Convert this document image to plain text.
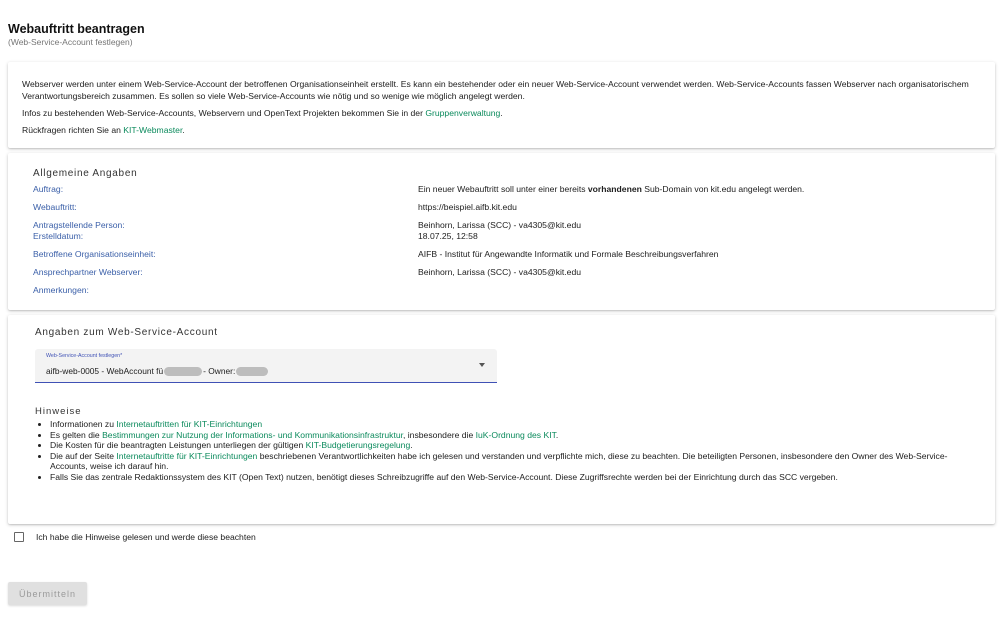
Webauftritt beantragen
(Web-Service-Account festlegen)

Webserver werden unter einem Web-Service-Account der betroffenen Organisationseinheit erstellt. Es kann ein bestehender oder ein neuer Web-Service-Account verwendet werden. Web-Service-Accounts fassen Webserver nach organisatorischem Verantwortungsbereich zusammen. Es sollen so viele Web-Service-Accounts wie nötig und so wenige wie möglich angelegt werden.

Infos zu bestehenden Web-Service-Accounts, Webservern und OpenText Projekten bekommen Sie in der Gruppenverwaltung.

Rückfragen richten Sie an KIT-Webmaster.

Allgemeine Angaben
Auftrag:	Ein neuer Webauftritt soll unter einer bereits vorhandenen Sub-Domain von kit.edu angelegt werden.
Webauftritt:	https://beispiel.aifb.kit.edu
Antragstellende Person:	Beinhorn, Larissa (SCC) - va4305@kit.edu
Erstelldatum:	18.07.25, 12:58
Betroffene Organisationseinheit:	AIFB - Institut für Angewandte Informatik und Formale Beschreibungsverfahren
Ansprechpartner Webserver:	Beinhorn, Larissa (SCC) - va4305@kit.edu
Anmerkungen:
Angaben zum Web-Service-Account
Web-Service-Account festlegen*
aifb-web-0005 - WebAccount fü	- Owner:
Hinweise
• Informationen zu Internetauftritten für KIT-Einrichtungen
• Es gelten die Bestimmungen zur Nutzung der Informations- und Kommunikationsinfrastruktur, insbesondere die IuK-Ordnung des KIT.
• Die Kosten für die beantragten Leistungen unterliegen der gültigen KIT-Budgetierungsregelung.
• Die auf der Seite Internetauftritte für KIT-Einrichtungen beschriebenen Verantwortlichkeiten habe ich gelesen und verstanden und verpflichte mich, diese zu beachten. Die beteiligten Personen, insbesondere den Owner des Web-Service-Accounts, weise ich darauf hin.
• Falls Sie das zentrale Redaktionssystem des KIT (Open Text) nutzen, benötigt dieses Schreibzugriffe auf den Web-Service-Account. Diese Zugriffsrechte werden bei der Einrichtung durch das SCC vergeben.
Ich habe die Hinweise gelesen und werde diese beachten
Übermitteln
